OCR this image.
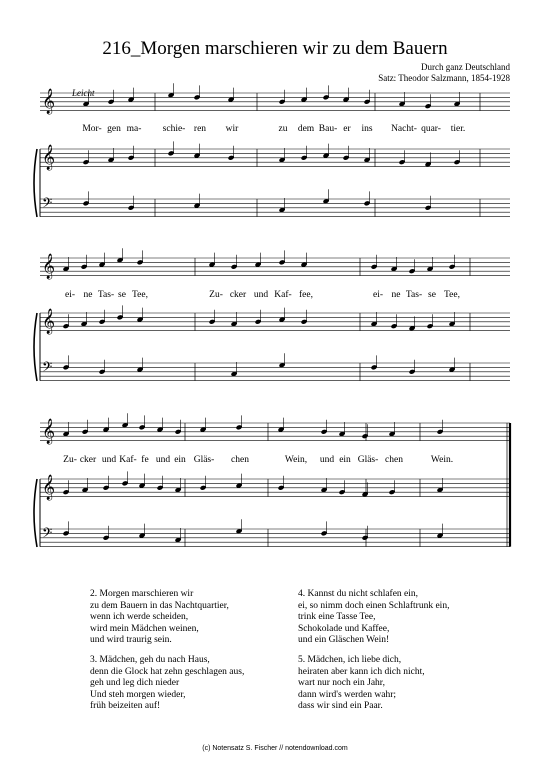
216_Morgen marschieren wir zu dem Bauern
Durch ganz Deutschland
Satz: Theodor Salzmann, 1854-1928
Leicht
𝄞
𝄞
𝄢
𝄞
𝄞
𝄢
𝄞
𝄞
𝄢
Mor- gen ma- schie- ren wir	zu dem Bau- er ins Nacht- quar- tier.
ei- ne Tas- se Tee,	Zu- cker und Kaf- fee,	ei- ne Tas- se Tee,
Zu- cker und Kaf- fe und ein Gläs- chen	Wein, und ein Gläs- chen	Wein.
2. Morgen marschieren wir
zu dem Bauern in das Nachtquartier,
wenn ich werde scheiden,
wird mein Mädchen weinen,
und wird traurig sein.
3. Mädchen, geh du nach Haus,
denn die Glock hat zehn geschlagen aus,
geh und leg dich nieder
Und steh morgen wieder,
früh beizeiten auf!
4. Kannst du nicht schlafen ein,
ei, so nimm doch einen Schlaftrunk ein,
trink eine Tasse Tee,
Schokolade und Kaffee,
und ein Gläschen Wein!
5. Mädchen, ich liebe dich,
heiraten aber kann ich dich nicht,
wart nur noch ein Jahr,
dann wird's werden wahr;
dass wir sind ein Paar.
(c) Notensatz S. Fischer // notendownload.com
